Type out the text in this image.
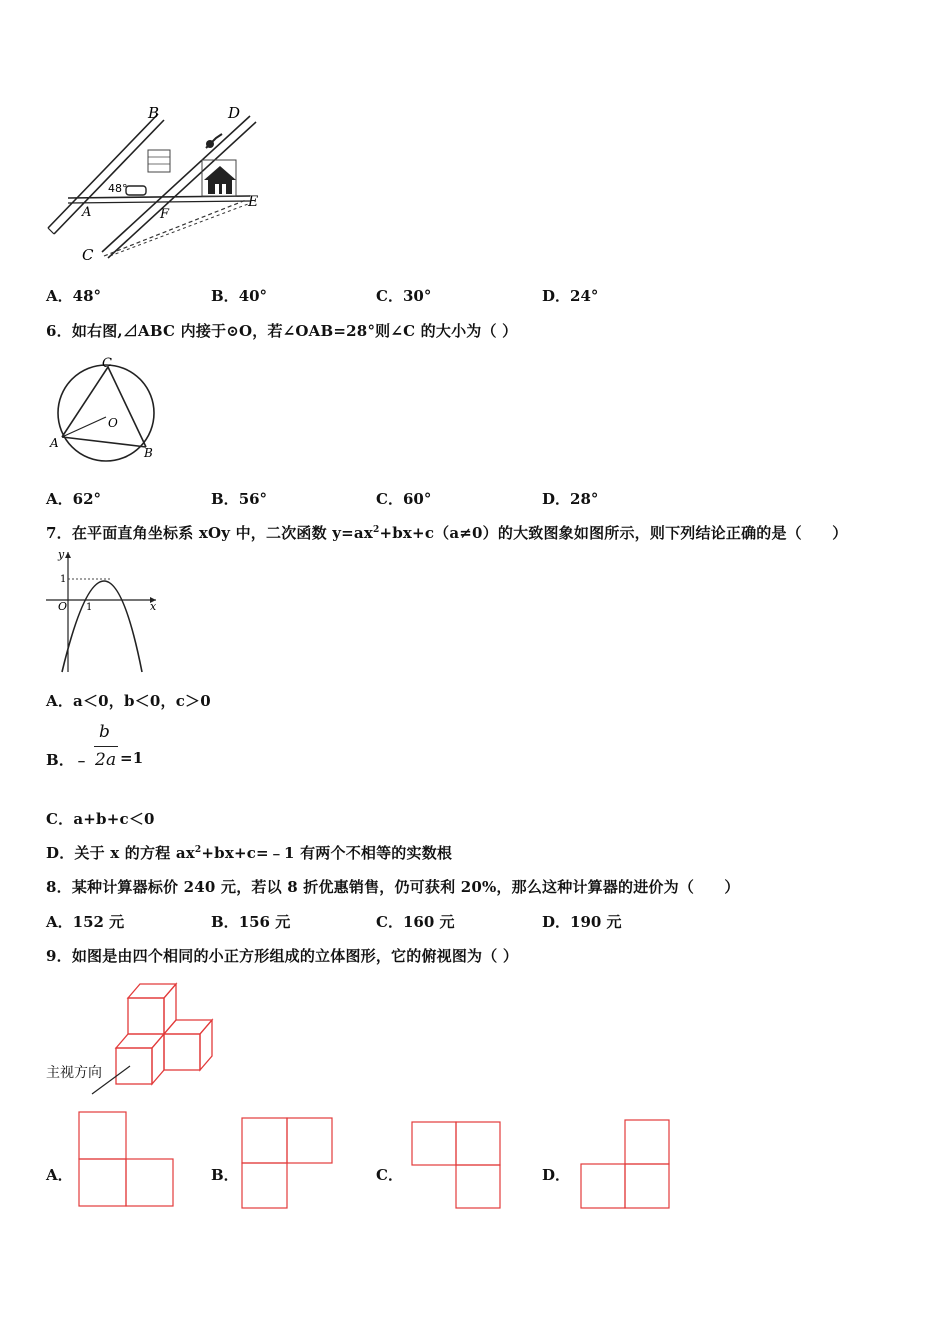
B	D
A	F
C
E
48°
A．48°	B．40°	C．30°	D．24°
6．如右图,⊿ABC 内接于⊙O，若∠OAB=28°则∠C 的大小为（ ）
C
O
A
B
A．62°	B．56°	C．60°	D．28°
7．在平面直角坐标系 xOy 中，二次函数 $y=ax^2+bx+c(a\ne 0)$的大致图象如图所示，则下列结论正确的是（　　）
y
x
O 1
1
A．a＜0，b＜0，c＞0
B． ﹣
b
2a =1
C．a+b+c＜0
D．关于 x 的方程 $ax^2+bx+c=﹣1$ 有两个不相等的实数根
8．某种计算器标价 240 元，若以 8 折优惠销售，仍可获利 20%，那么这种计算器的进价为（　　）
A．152 元	B．156 元	C．160 元	D．190 元
9．如图是由四个相同的小正方形组成的立体图形，它的俯视图为（ ）
主视方向
A．	B．	C．	D．
